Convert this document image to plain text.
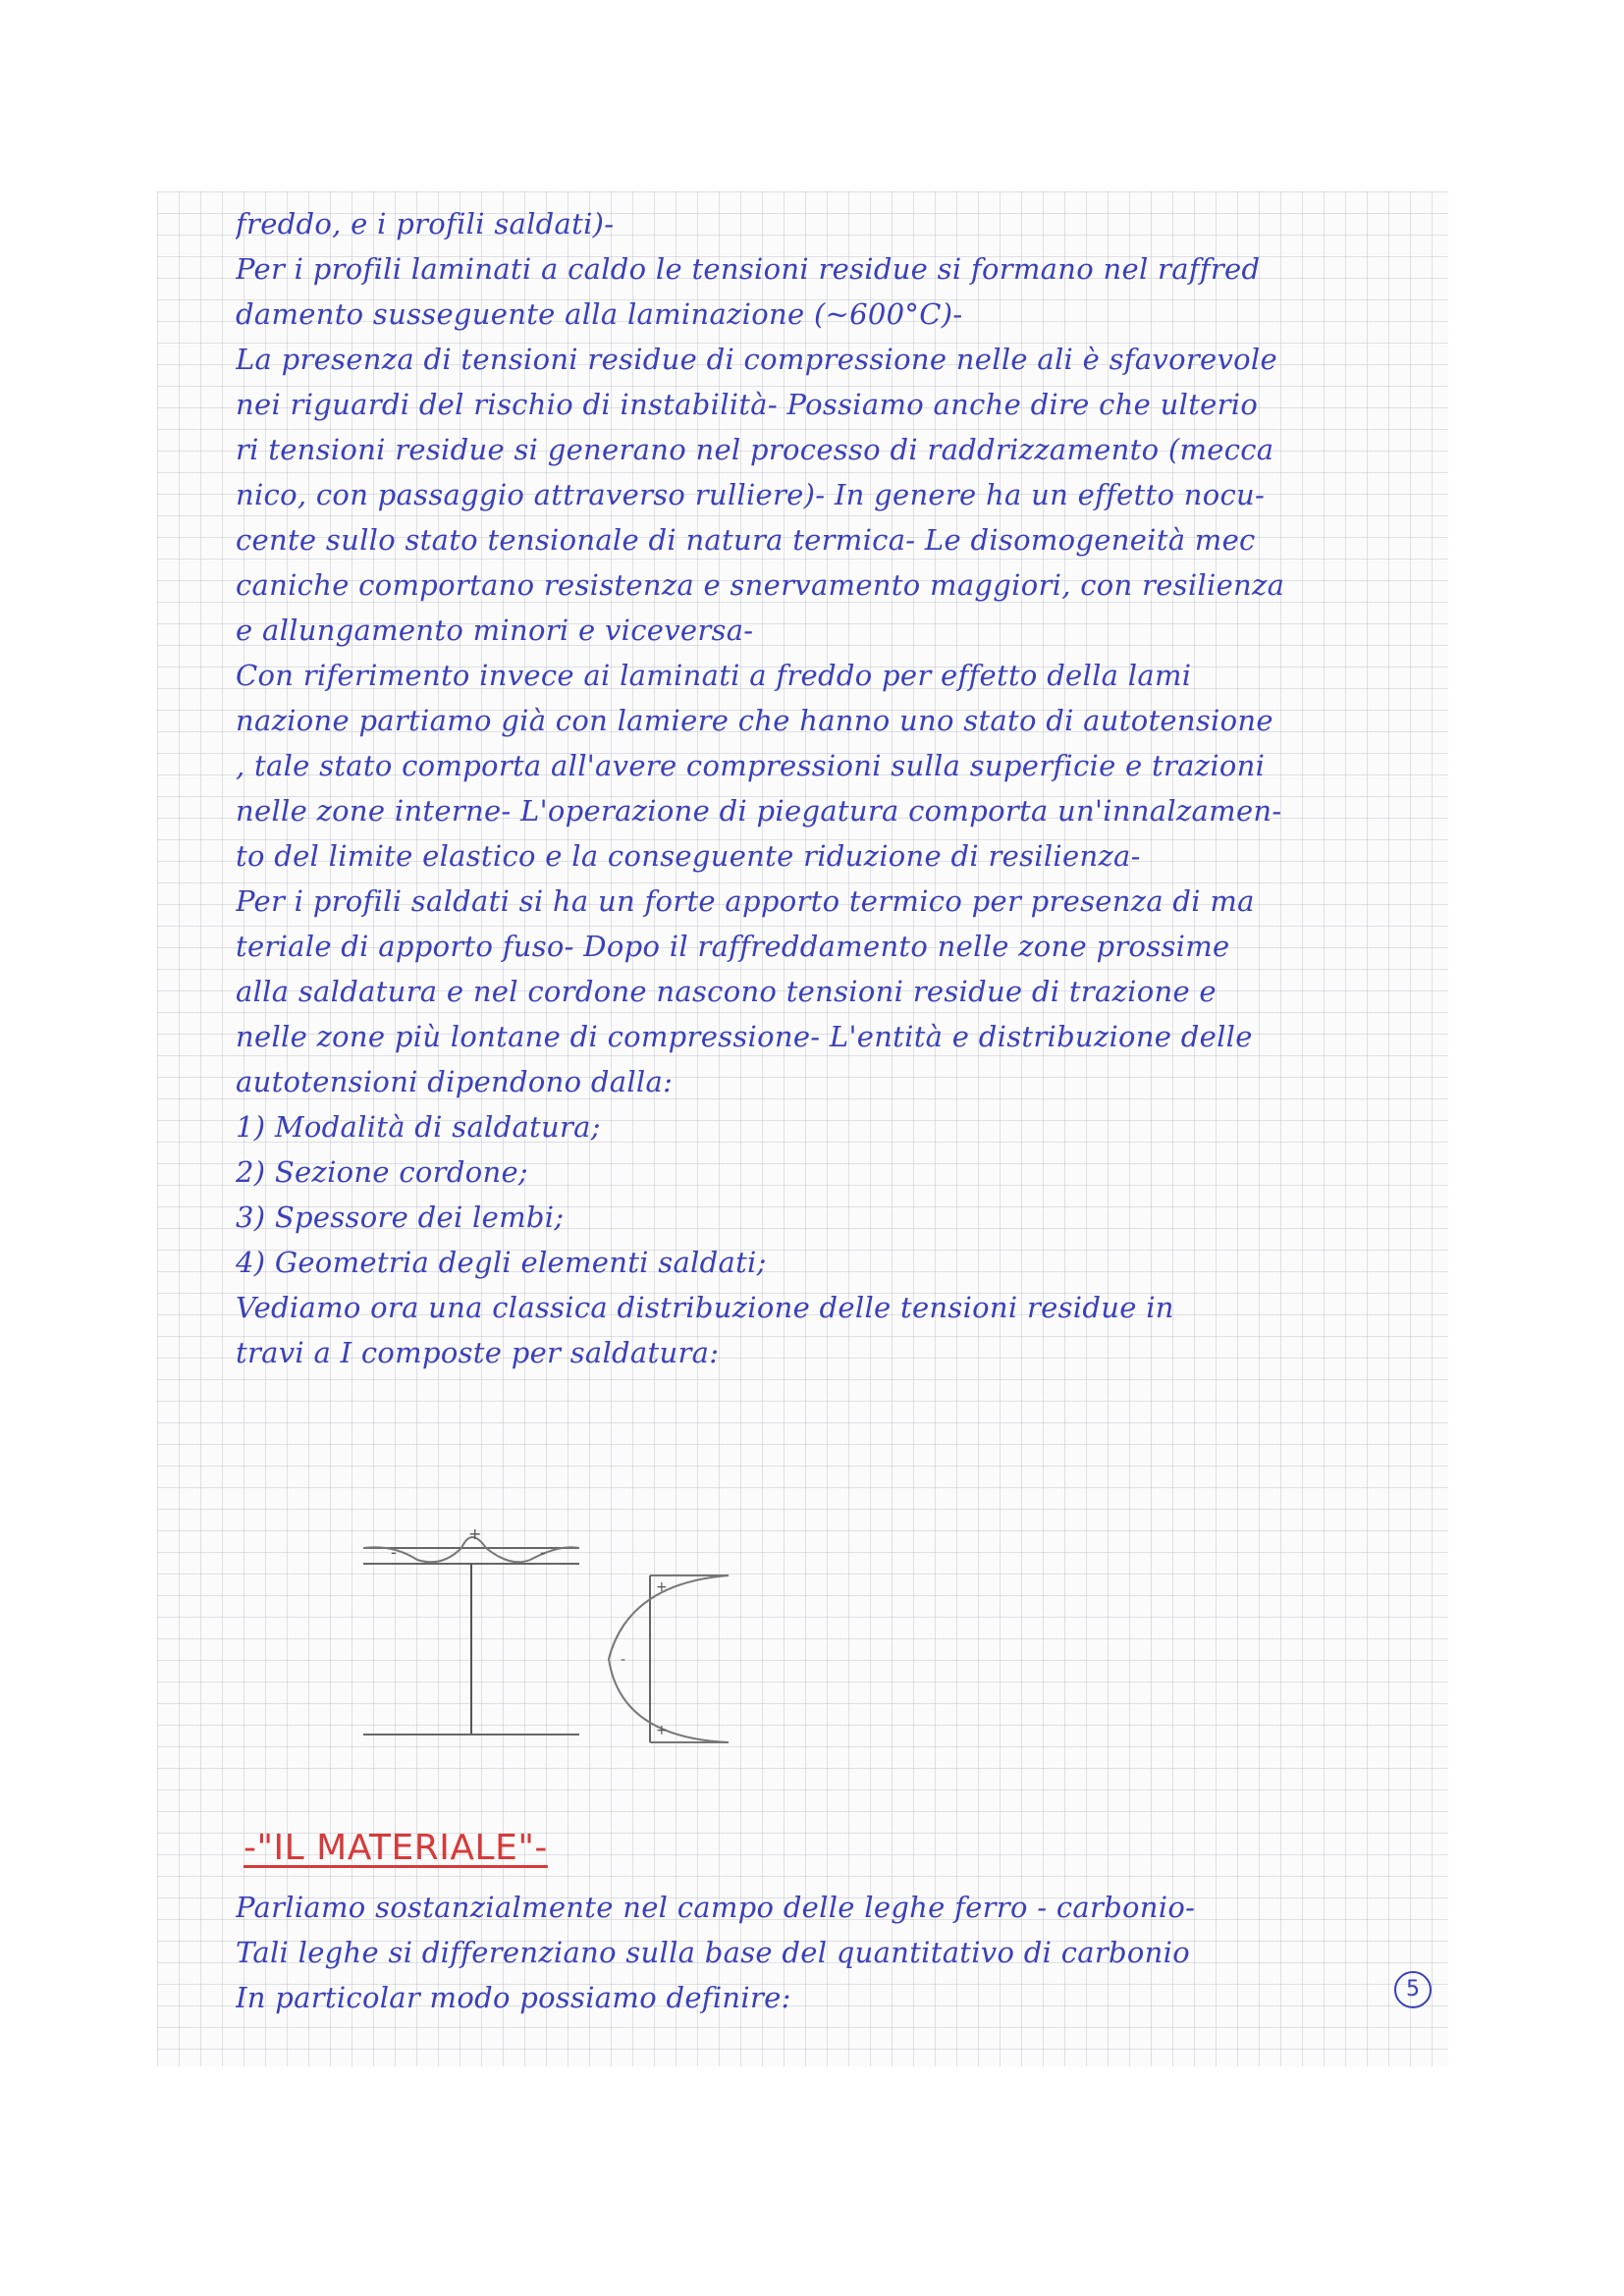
freddo, e i profili saldati)-
Per i profili laminati a caldo le tensioni residue si formano nel raffred
damento susseguente alla laminazione (~600°C)-
La presenza di tensioni residue di compressione nelle ali è sfavorevole
nei riguardi del rischio di instabilità- Possiamo anche dire che ulterio
ri tensioni residue si generano nel processo di raddrizzamento (mecca
nico, con passaggio attraverso rulliere)- In genere ha un effetto nocu-
cente sullo stato tensionale di natura termica- Le disomogeneità mec
caniche comportano resistenza e snervamento maggiori, con resilienza
e allungamento minori e viceversa-
Con riferimento invece ai laminati a freddo per effetto della lami
nazione partiamo già con lamiere che hanno uno stato di autotensione
, tale stato comporta all'avere compressioni sulla superficie e trazioni
nelle zone interne- L'operazione di piegatura comporta un'innalzamen-
to del limite elastico e la conseguente riduzione di resilienza-
Per i profili saldati si ha un forte apporto termico per presenza di ma
teriale di apporto fuso- Dopo il raffreddamento nelle zone prossime
alla saldatura e nel cordone nascono tensioni residue di trazione e
nelle zone più lontane di compressione- L'entità e distribuzione delle
autotensioni dipendono dalla:
1) Modalità di saldatura;
2) Sezione cordone;
3) Spessore dei lembi;
4) Geometria degli elementi saldati;
Vediamo ora una classica distribuzione delle tensioni residue in
travi a I composte per saldatura:
-
+
-
+
-
+
-"IL MATERIALE"-
Parliamo sostanzialmente nel campo delle leghe ferro - carbonio-
Tali leghe si differenziano sulla base del quantitativo di carbonio
In particolar modo possiamo definire:	5
